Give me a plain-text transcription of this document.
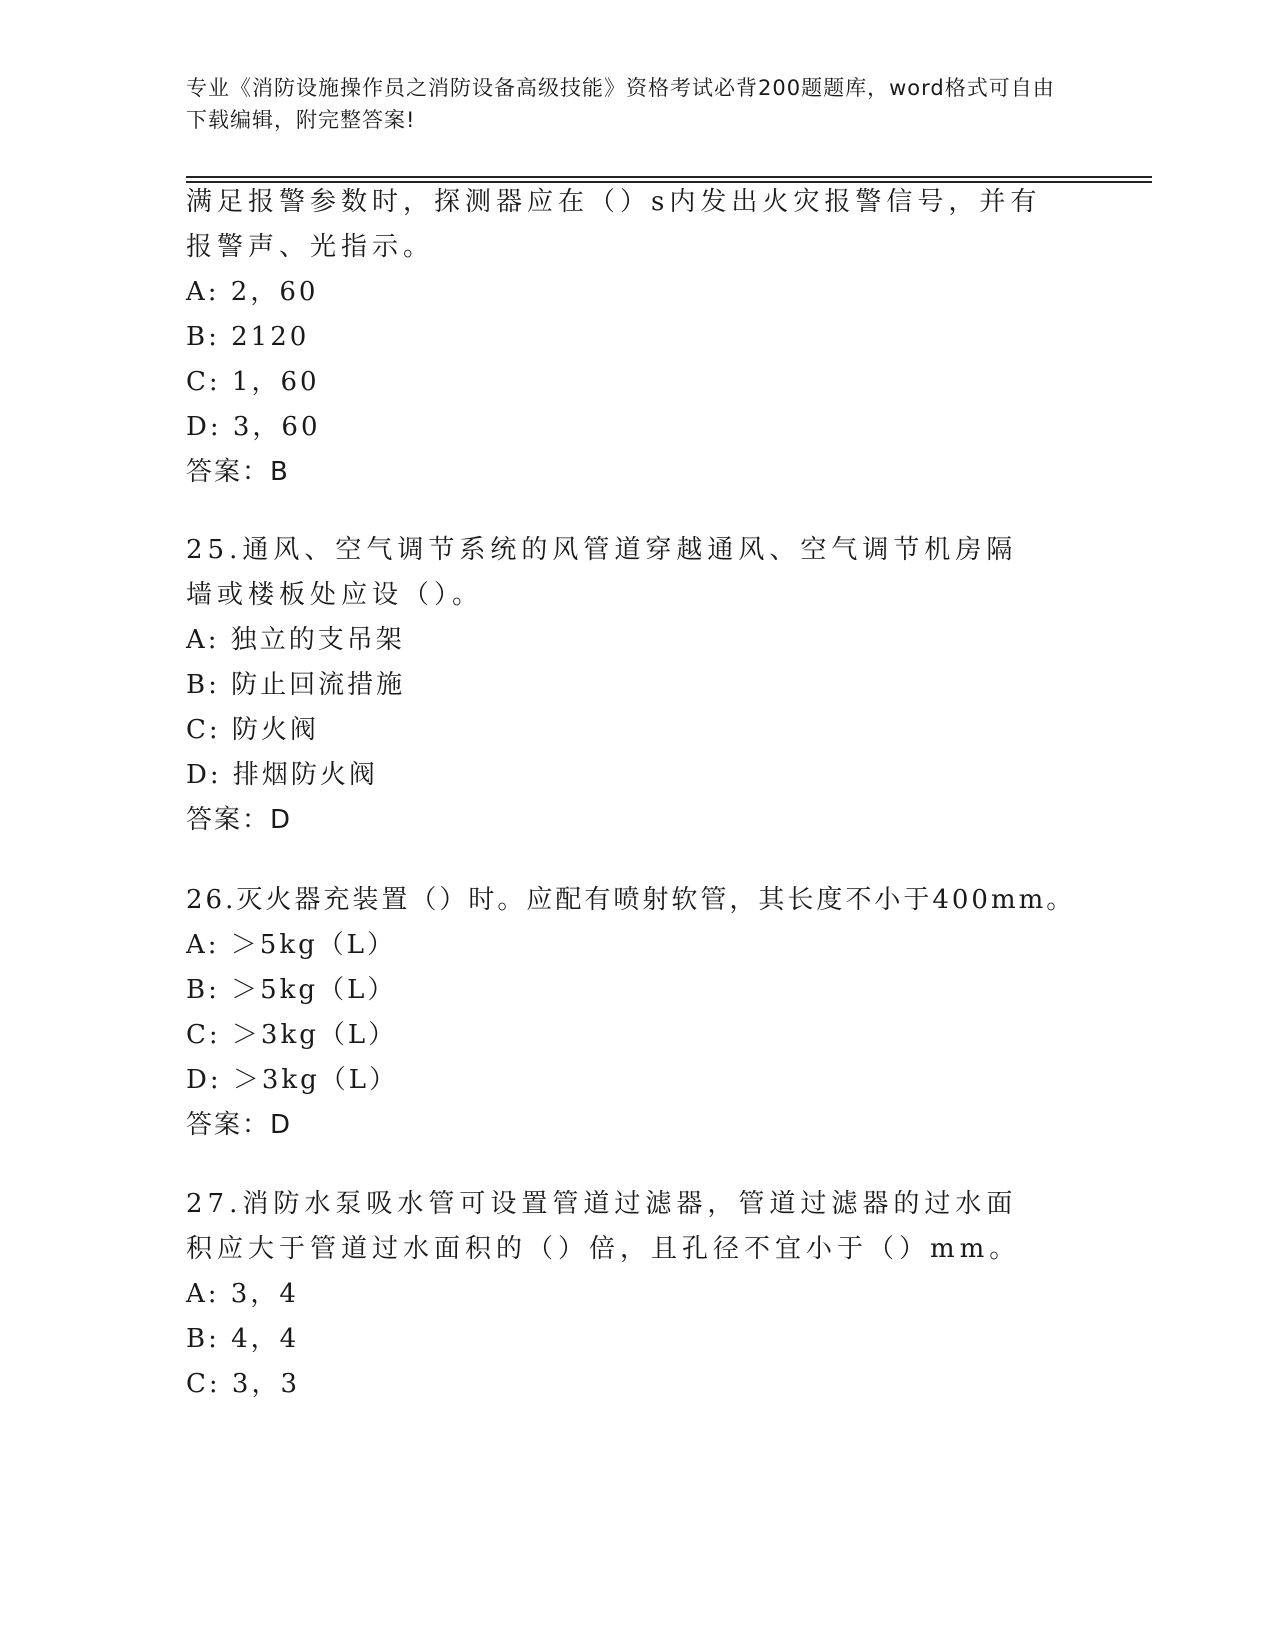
专业《消防设施操作员之消防设备高级技能》资格考试必背200题题库，word格式可自由下载编辑，附完整答案!
满足报警参数时，探测器应在（）s内发出火灾报警信号，并有报警声、光指示。
A: 2，60
B: 2120
C: 1，60
D: 3，60
答案：B
25.通风、空气调节系统的风管道穿越通风、空气调节机房隔墙或楼板处应设（）。
A: 独立的支吊架
B: 防止回流措施
C: 防火阀
D: 排烟防火阀
答案：D
26.灭火器充装置（）时。应配有喷射软管，其长度不小于400mm。
A: ＞5kg（L）
B: ＞5kg（L）
C: ＞3kg（L）
D: ＞3kg（L）
答案：D
27.消防水泵吸水管可设置管道过滤器，管道过滤器的过水面积应大于管道过水面积的（）倍，且孔径不宜小于（）mm。
A: 3，4
B: 4，4
C: 3，3
